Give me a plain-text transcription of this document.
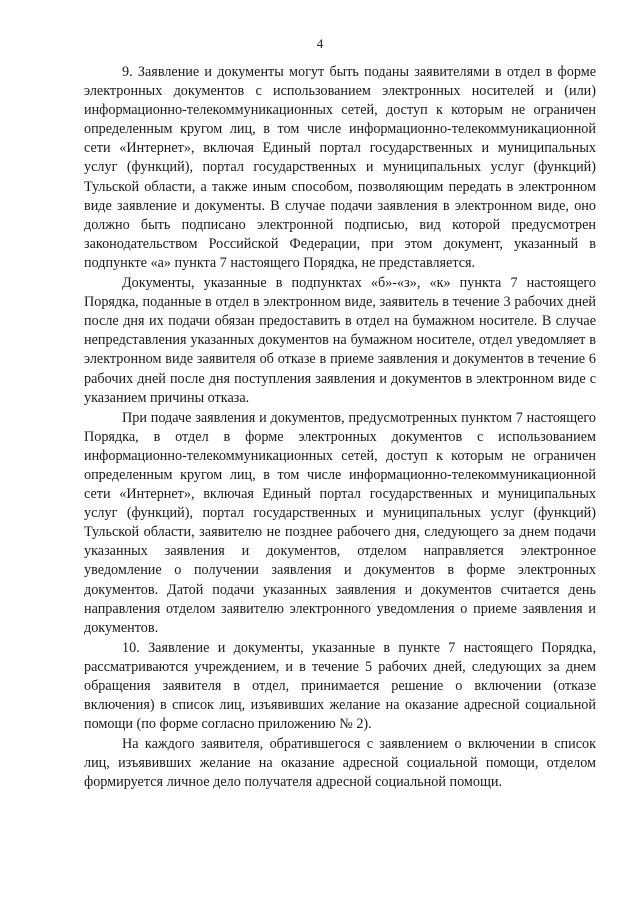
4

9. Заявление и документы могут быть поданы заявителями в отдел в форме электронных документов с использованием электронных носителей и (или) информационно-телекоммуникационных сетей, доступ к которым не ограничен определенным кругом лиц, в том числе информационно-телекоммуникационной сети «Интернет», включая Единый портал государственных и муниципальных услуг (функций), портал государственных и муниципальных услуг (функций) Тульской области, а также иным способом, позволяющим передать в электронном виде заявление и документы. В случае подачи заявления в электронном виде, оно должно быть подписано электронной подписью, вид которой предусмотрен законодательством Российской Федерации, при этом документ, указанный в подпункте «а» пункта 7 настоящего Порядка, не представляется.

Документы, указанные в подпунктах «б»-«з», «к» пункта 7 настоящего Порядка, поданные в отдел в электронном виде, заявитель в течение 3 рабочих дней после дня их подачи обязан предоставить в отдел на бумажном носителе. В случае непредставления указанных документов на бумажном носителе, отдел уведомляет в электронном виде заявителя об отказе в приеме заявления и документов в течение 6 рабочих дней после дня поступления заявления и документов в электронном виде с указанием причины отказа.

При подаче заявления и документов, предусмотренных пунктом 7 настоящего Порядка, в отдел в форме электронных документов с использованием информационно-телекоммуникационных сетей, доступ к которым не ограничен определенным кругом лиц, в том числе информационно-телекоммуникационной сети «Интернет», включая Единый портал государственных и муниципальных услуг (функций), портал государственных и муниципальных услуг (функций) Тульской области, заявителю не позднее рабочего дня, следующего за днем подачи указанных заявления и документов, отделом направляется электронное уведомление о получении заявления и документов в форме электронных документов. Датой подачи указанных заявления и документов считается день направления отделом заявителю электронного уведомления о приеме заявления и документов.

10. Заявление и документы, указанные в пункте 7 настоящего Порядка, рассматриваются учреждением, и в течение 5 рабочих дней, следующих за днем обращения заявителя в отдел, принимается решение о включении (отказе включения) в список лиц, изъявивших желание на оказание адресной социальной помощи (по форме согласно приложению № 2).

На каждого заявителя, обратившегося с заявлением о включении в список лиц, изъявивших желание на оказание адресной социальной помощи, отделом формируется личное дело получателя адресной социальной помощи.
